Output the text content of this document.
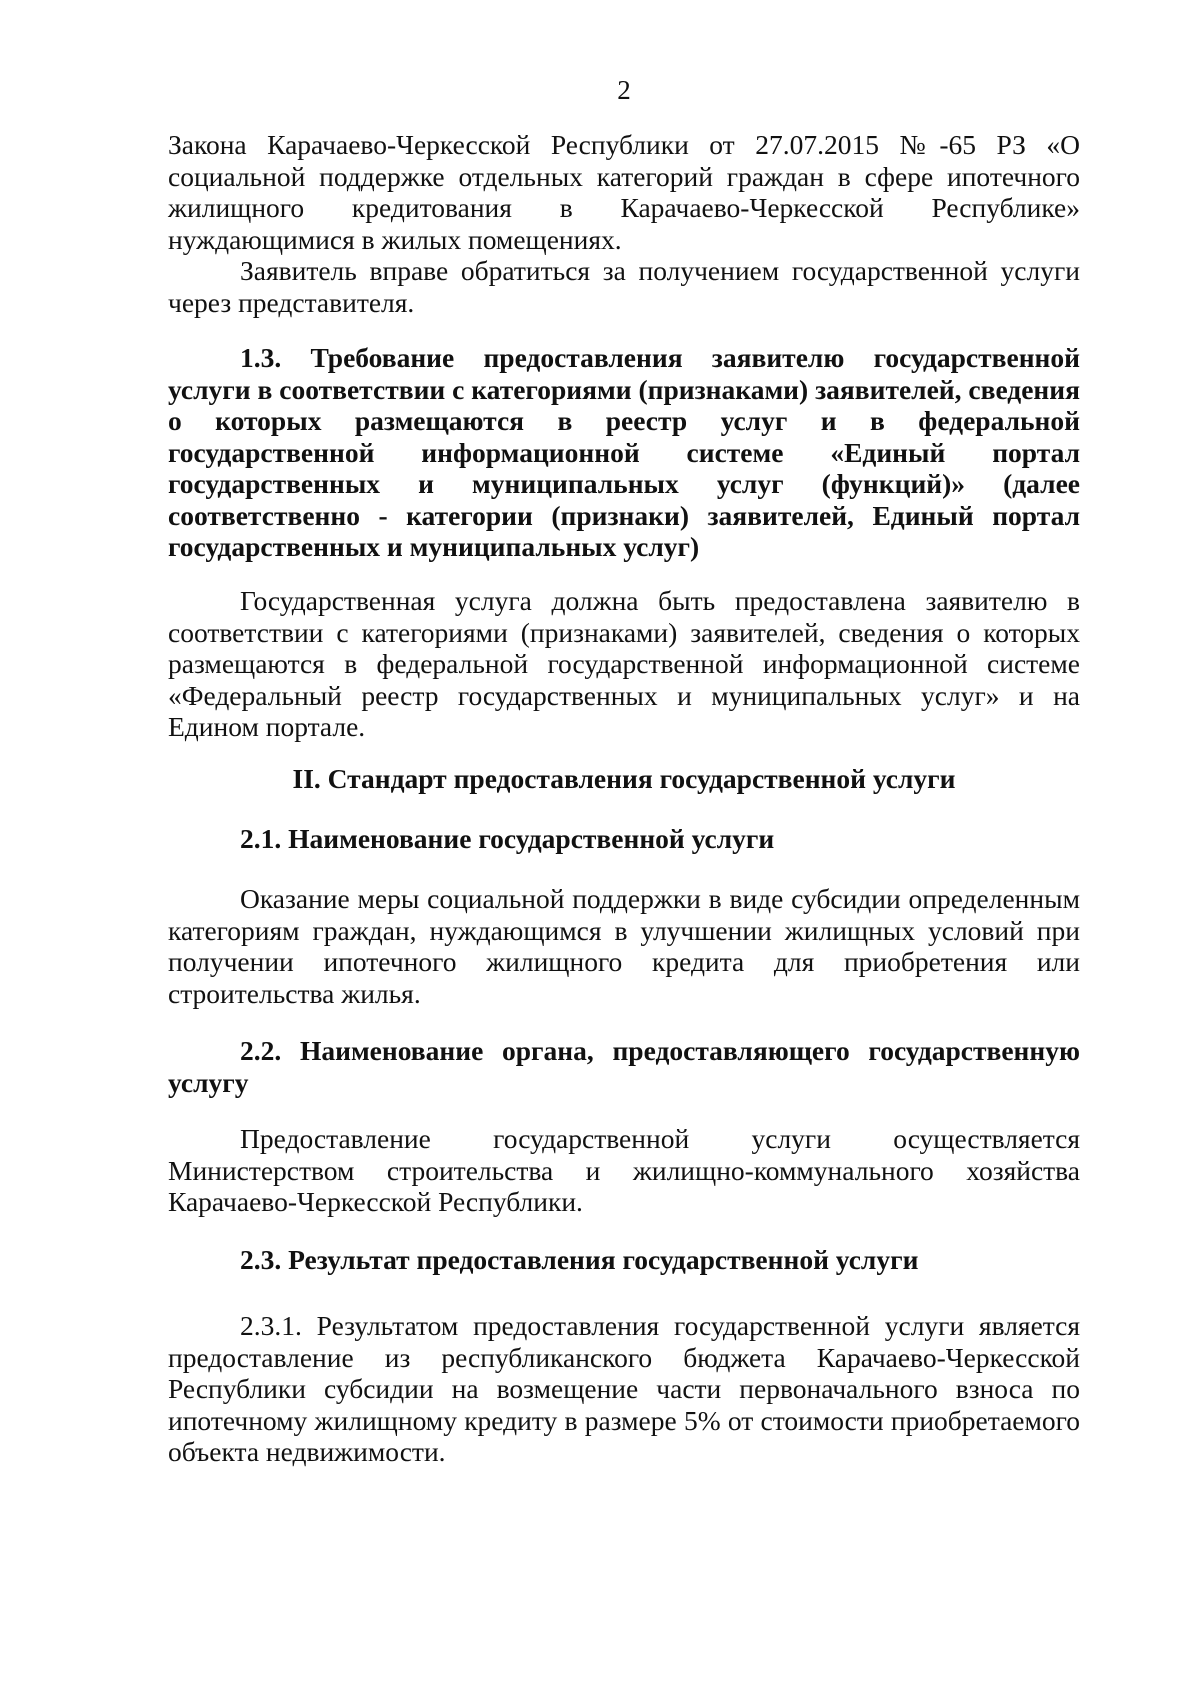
2

Закона Карачаево-Черкесской Республики от 27.07.2015 №-65 РЗ «О социальной поддержке отдельных категорий граждан в сфере ипотечного жилищного кредитования в Карачаево-Черкесской Республике» нуждающимися в жилых помещениях.

Заявитель вправе обратиться за получением государственной услуги через представителя.

1.3. Требование предоставления заявителю государственной услуги в соответствии с категориями (признаками) заявителей, сведения о которых размещаются в реестр услуг и в федеральной государственной информационной системе «Единый портал государственных и муниципальных услуг (функций)» (далее соответственно - категории (признаки) заявителей, Единый портал государственных и муниципальных услуг)

Государственная услуга должна быть предоставлена заявителю в соответствии с категориями (признаками) заявителей, сведения о которых размещаются в федеральной государственной информационной системе «Федеральный реестр государственных и муниципальных услуг» и на Едином портале.

II. Стандарт предоставления государственной услуги

2.1. Наименование государственной услуги

Оказание меры социальной поддержки в виде субсидии определенным категориям граждан, нуждающимся в улучшении жилищных условий при получении ипотечного жилищного кредита для приобретения или строительства жилья.

2.2. Наименование органа, предоставляющего государственную услугу

Предоставление государственной услуги осуществляется Министерством строительства и жилищно-коммунального хозяйства Карачаево-Черкесской Республики.

2.3. Результат предоставления государственной услуги

2.3.1. Результатом предоставления государственной услуги является предоставление из республиканского бюджета Карачаево-Черкесской Республики субсидии на возмещение части первоначального взноса по ипотечному жилищному кредиту в размере 5% от стоимости приобретаемого объекта недвижимости.
